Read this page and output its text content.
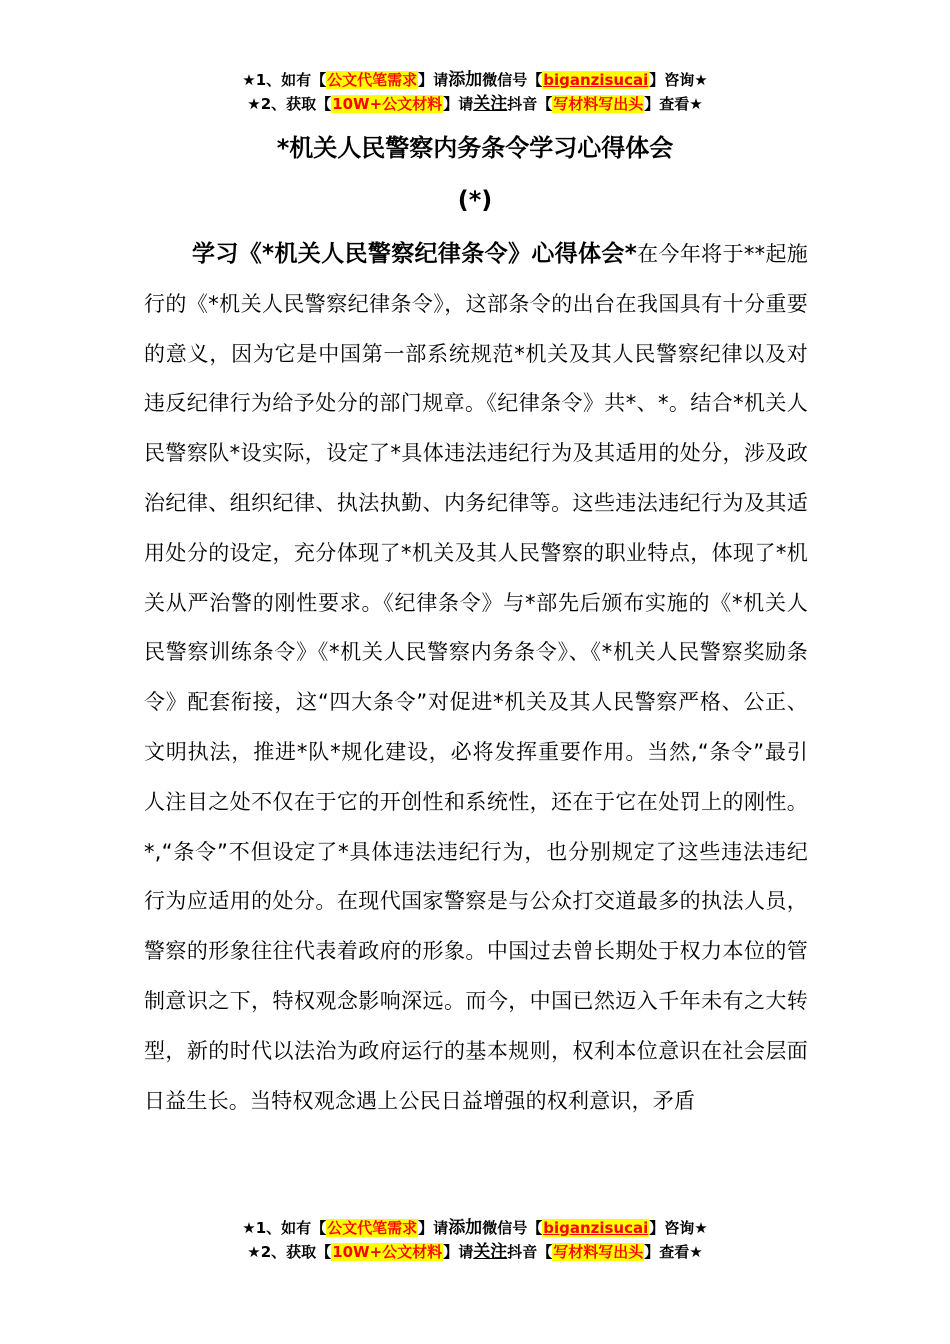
★1、如有【公文代笔需求】请添加微信号【biganzisucai】咨询★
★2、获取【10W+公文材料】请关注抖音【写材料写出头】查看★
*机关人民警察内务条令学习心得体会
(*)

学习《*机关人民警察纪律条令》心得体会*在今年将于**起施行的《*机关人民警察纪律条令》，这部条令的出台在我国具有十分重要的意义，因为它是中国第一部系统规范*机关及其人民警察纪律以及对违反纪律行为给予处分的部门规章。《纪律条令》共*、*。结合*机关人民警察队*设实际，设定了*具体违法违纪行为及其适用的处分，涉及政治纪律、组织纪律、执法执勤、内务纪律等。这些违法违纪行为及其适用处分的设定，充分体现了*机关及其人民警察的职业特点，体现了*机关从严治警的刚性要求。《纪律条令》与*部先后颁布实施的《*机关人民警察训练条令》《*机关人民警察内务条令》、《*机关人民警察奖励条令》配套衔接，这“四大条令”对促进*机关及其人民警察严格、公正、文明执法，推进*队*规化建设，必将发挥重要作用。当然,“条令”最引人注目之处不仅在于它的开创性和系统性，还在于它在处罚上的刚性。*,“条令”不但设定了*具体违法违纪行为，也分别规定了这些违法违纪行为应适用的处分。在现代国家警察是与公众打交道最多的执法人员，警察的形象往往代表着政府的形象。中国过去曾长期处于权力本位的管制意识之下，特权观念影响深远。而今，中国已然迈入千年未有之大转型，新的时代以法治为政府运行的基本规则，权利本位意识在社会层面日益生长。当特权观念遇上公民日益增强的权利意识，矛盾

★1、如有【公文代笔需求】请添加微信号【biganzisucai】咨询★
★2、获取【10W+公文材料】请关注抖音【写材料写出头】查看★
